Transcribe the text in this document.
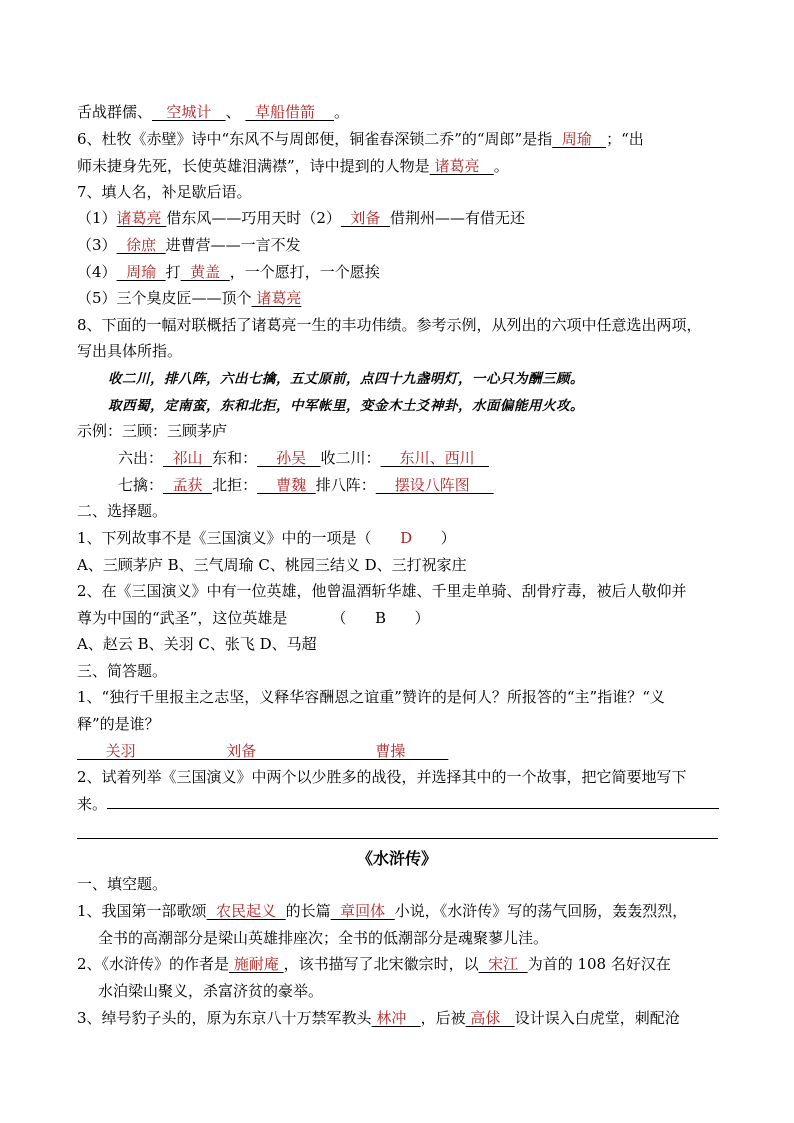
舌战群儒、   空城计   、   草船借箭    。
6、杜牧《赤壁》诗中“东风不与周郎便，铜雀春深锁二乔”的“周郎”是指  周瑜   ；“出
师未捷身先死，长使英雄泪满襟”，诗中提到的人物是 诸葛亮   。
7、填人名，补足歇后语。
（1）诸葛亮 借东风——巧用天时（2）  刘备  借荆州——有借无还
（3）  徐庶  进曹营——一言不发
（4）  周瑜  打  黄盖  ，一个愿打，一个愿挨
（5）三个臭皮匠——顶个 诸葛亮
8、下面的一幅对联概括了诸葛亮一生的丰功伟绩。参考示例，从列出的六项中任意选出两项，
写出具体所指。
收二川，排八阵，六出七擒，五丈原前，点四十九盏明灯，一心只为酬三顾。
取西蜀，定南蛮，东和北拒，中军帐里，变金木土爻神卦，水面偏能用火攻。
示例：三顾：三顾茅庐
六出：  祁山  东和：    孙吴   收二川：    东川、西川
七擒：  孟获  北拒：    曹魏  排八阵：    摆设八阵图
二、选择题。
1、下列故事不是《三国演义》中的一项是（      D      ）
A、三顾茅庐 B、三气周瑜 C、桃园三结义 D、三打祝家庄
2、在《三国演义》中有一位英雄，他曾温酒斩华雄、千里走单骑、刮骨疗毒，被后人敬仰并
尊为中国的“武圣”，这位英雄是	（      B      ）
A、赵云 B、关羽 C、张飞 D、马超
三、简答题。
1、“独行千里报主之志坚，义释华容酬恩之谊重”赞许的是何人？所报答的“主”指谁？“义
释”的是谁？
关羽                   刘备                         曹操
2、试着列举《三国演义》中两个以少胜多的战役，并选择其中的一个故事，把它简要地写下
来。
《水浒传》
一、填空题。
1、我国第一部歌颂  农民起义  的长篇  章回体  小说，《水浒传》写的荡气回肠，轰轰烈烈，
全书的高潮部分是梁山英雄排座次；全书的低潮部分是魂聚蓼儿洼。
2、《水浒传》的作者是 施耐庵 ，该书描写了北宋徽宗时，以  宋江  为首的 108 名好汉在
水泊梁山聚义，杀富济贫的豪举。
3、绰号豹子头的，原为东京八十万禁军教头 林冲   ，后被 高俅   设计误入白虎堂，刺配沧
